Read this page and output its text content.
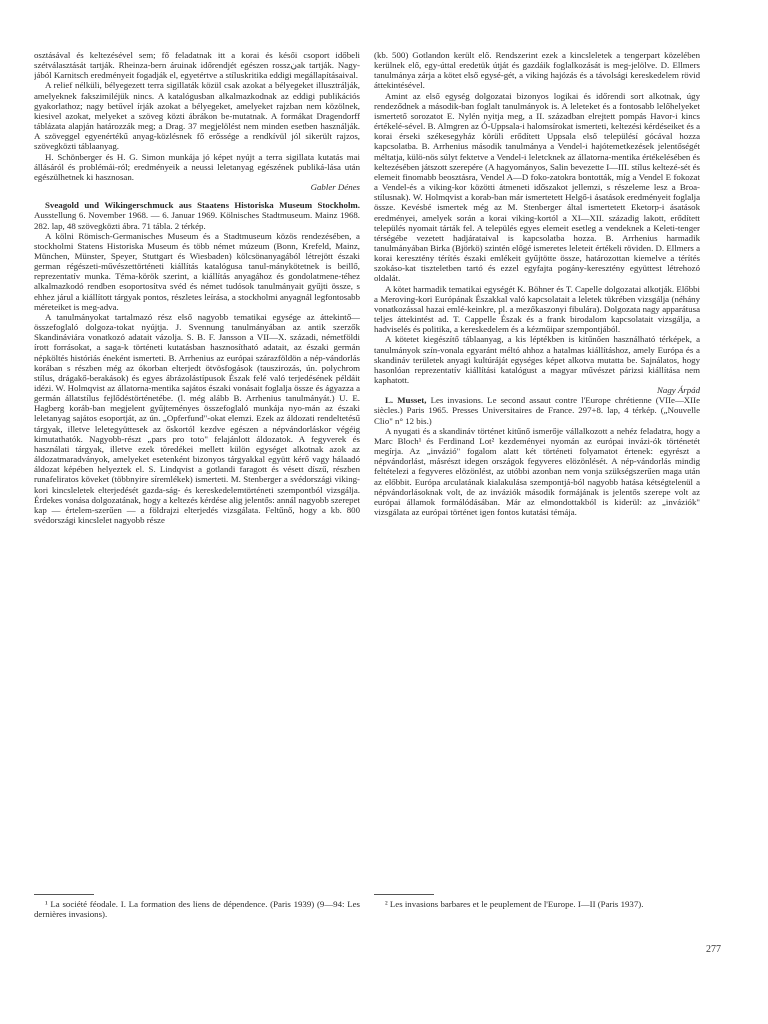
osztásával és keltezésével sem; fő feladatnak itt a korai és késői csoport időbeli szétválasztását tartják. Rheinza-bern áruinak időrendjét egészen rosszنak tartják. Nagy-jából Karnitsch eredményeit fogadják el, egyetértve a stíluskritika eddigi megállapításaival.

A relief nélküli, bélyegezett terra sigillaták közül csak azokat a bélyegeket illusztrálják, amelyeknek fakszimiléjük nincs. A katalógusban alkalmazkodnak az eddigi publikációs gyakorlathoz; nagy betűvel írják azokat a bélyegeket, amelyeket rajzban nem közölnek, kiesivel azokat, melyeket a szöveg közti ábrákon be-mutatnak. A formákat Dragendorff táblázata alapján határozzák meg; a Drag. 37 megjelölést nem minden esetben használják. A szöveggel egyenértékű anyag-közlésnek fő erőssége a rendkívül jól sikerült rajzos, szövegközti táblaanyag.

H. Schönberger és H. G. Simon munkája jó képet nyújt a terra sigillata kutatás mai állásáról és problémái-ról; eredményeik a neussi leletanyag egészének publiká-lása után egészülhetnek ki hasznosan.

Gabler Dénes

Sveagold und Wikingerschmuck aus Staatens Historiska Museum Stockholm. Ausstellung 6. November 1968. — 6. Januar 1969. Kölnisches Stadtmuseum. Mainz 1968. 282. lap, 48 szövegközti ábra. 71 tábla. 2 térkép.

A kölni Römisch-Germanisches Museum és a Stadtmuseum közös rendezésében, a stockholmi Statens Historiska Museum és több német múzeum (Bonn, Krefeld, Mainz, München, Münster, Speyer, Stuttgart és Wiesbaden) kölcsönanyagából létrejött északi german régészeti-művészettörténeti kiállítás katalógusa tanul-mánykötetnek is beillő, reprezentatív munka. Téma-körök szerint, a kiállítás anyagához és gondolatmene-téhez alkalmazkodó rendben esoportosítva svéd és német tudósok tanulmányait gyűjti össze, s ehhez járul a kiállított tárgyak pontos, részletes leírása, a stockholmi anyagnál legfontosabb méreteiket is meg-adva.

A tanulmányokat tartalmazó rész első nagyobb tematikai egysége az áttekintő—összefoglaló dolgoza-tokat nyújtja. J. Svennung tanulmányában az antik szerzők Skandináviára vonatkozó adatait vázolja. S. B. F. Jansson a VII—X. századi, németföldi írott forrásokat, a saga-k történeti kutatásban hasznosítható adatait, az északi germán népköltés históriás éneként ismerteti. B. Arrhenius az európai szárazföldön a nép-vándorlás korában s részben még az ókorban elterjedt ötvösfogások (tauszirozás, ún. polychrom stílus, drágakő-berakások) és egyes ábrázolástípusok Észak felé való terjedésének példáit idézi. W. Holmqvist az állatorna-mentika sajátos északi vonásait foglalja össze és ágyazza a germán állatstílus fejlődéstörténetébe. (l. még alább B. Arrhenius tanulmányát.) U. E. Hagberg koráb-ban megjelent gyűjteményes összefoglaló munkája nyo-mán az északi leletanyag sajátos esoportját, az ún. „Opferfund"-okat elemzi. Ezek az áldozati rendeltetésű tárgyak, illetve leletegyüttesek az őskortól kezdve egészen a népvándorláskor végéig kimutathatók. Nagyobb-részt „pars pro toto" felajánlott áldozatok. A fegyverek és használati tárgyak, illetve ezek töredékei mellett külön egységet alkotnak azok az áldozatmaradványok, amelyeket esetenként bizonyos tárgyakkal együtt kérő vagy hálaadó áldozat képében helyeztek el. S. Lindqvist a gotlandi faragott és vésett díszű, részben runafeliratos köveket (többnyire síremlékek) ismerteti. M. Stenberger a svédországi viking-kori kincsleletek elterjedését gazda-ság- és kereskedelemtörténeti szempontból vizsgálja. Érdekes vonása dolgozatának, hogy a keltezés kérdése alig jelentős: annál nagyobb szerepet kap — értelem-szerűen — a földrajzi elterjedés vizsgálata. Feltűnő, hogy a kb. 800 svédországi kincslelet nagyobb része

(kb. 500) Gotlandon került elő. Rendszerint ezek a kincsleletek a tengerpart közelében kerülnek elő, egy-úttal eredetük útját és gazdáik foglalkozását is meg-jelölve. D. Ellmers tanulmánya zárja a kötet első egysé-gét, a viking hajózás és a távolsági kereskedelem rövid áttekintésével.

Amint az első egység dolgozatai bizonyos logikai és időrendi sort alkotnak, úgy rendeződnek a második-ban foglalt tanulmányok is. A leleteket és a fontosabb lelőhelyeket ismertető sorozatot E. Nylén nyitja meg, a II. században elrejtett pompás Havor-i kincs értékelé-sével. B. Almgren az Ó-Uppsala-i halomsírokat ismerteti, keltezési kérdéseiket és a korai érseki székesegyház körüli erődített Uppsala első településí gócával hozza kapcsolatba. B. Arrhenius második tanulmánya a Vendel-i hajótemetkezések jelentőségét méltatja, külö-nös súlyt fektetve a Vendel-i leletcknek az állatorna-mentika értékelésében és keltezésében játszott szerepére (A hagyományos, Salin bevezette I—III. stílus keltezé-sét és elemeit finomabb beosztásra, Vendel A—D foko-zatokra bontották, míg a Vendel E fokozat a Vendel-és a viking-kor közötti átmeneti időszakot jellemzi, s részeleme lesz a Broa-stílusnak). W. Holmqvist a korab-ban már ismertetett Helgő-i ásatások eredményeit foglalja össze. Kevésbé ismertek még az M. Stenberger által ismertetett Eketorp-i ásatások eredményei, amelyek során a korai viking-kortól a XI—XII. századig lakott, erődített település nyomait tárták fel. A település egyes elemeit esetleg a vendeknek a Keleti-tenger térségébe vezetett hadjárataival is kapcsolatba hozza. B. Arrhenius harmadik tanulmányában Birka (Björkö) szintén előgé ismeretes leleteit értékeli röviden. D. Ellmers a korai keresztény térítés északi emlékeit gyűjtötte össze, határozottan kiemelve a térítés szokáso-kat tiszteletben tartó és ezzel egyfajta pogány-keresztény együttest létrehozó oldalát.

A kötet harmadik tematikai egységét K. Böhner és T. Capelle dolgozatai alkotják. Előbbi a Meroving-kori Európának Északkal való kapcsolatait a leletek tükrében vizsgálja (néhány vonatkozással hazai emlé-keinkre, pl. a mezőkaszonyi fibulára). Dolgozata nagy apparátusa teljes áttekintést ad. T. Cappelle Észak és a frank birodalom kapcsolatait vizsgálja, a hadviselés és politika, a kereskedelem és a kézműipar szempontjából.

A kötetet kiegészítő táblaanyag, a kis léptékben is kitűnően használható térképek, a tanulmányok szín-vonala egyaránt méltó ahhoz a hatalmas kiállításhoz, amely Európa és a skandináv területek anyagi kultúráját egységes képet alkotva mutatta be. Sajnálatos, hogy hasonlóan reprezentatív kiállítási katalógust a magyar művészet párizsi kiállítása nem kaphatott.

Nagy Árpád

L. Musset, Les invasions. Le second assaut contre l'Europe chrétienne (VIIe—XIIe siècles.) Paris 1965. Presses Universitaires de France. 297+8. lap, 4 térkép. („Nouvelle Clio" n° 12 bis.)

A nyugati és a skandináv történet kitűnő ismerője vállalkozott a nehéz feladatra, hogy a Marc Bloch¹ és Ferdinand Lot² kezdeményei nyomán az európai invázi-ók történetét megírja. Az „invázió" fogalom alatt két történeti folyamatot értenek: egyrészt a népvándorlást, másrészt idegen országok fegyveres elözönlését. A nép-vándorlás mindig feltételezi a fegyveres elözönlést, az utóbbi azonban nem vonja szükségszerűen maga után az előbbit. Európa arculatának kialakulása szempontjá-ból nagyobb hatása kétségtelenül a népvándorlásoknak volt, de az inváziók második formájának is jelentős szerepe volt az európai államok formálódásában. Már az elmondottakból is kiderül: az „inváziók" vizsgálata az európai történet igen fontos kutatási témája.

¹ La société féodale. I. La formation des liens de dépendence. (Paris 1939) (9—94: Les dernières invasions).

² Les invasions barbares et le peuplement de l'Europe. I—II (Paris 1937).

277
